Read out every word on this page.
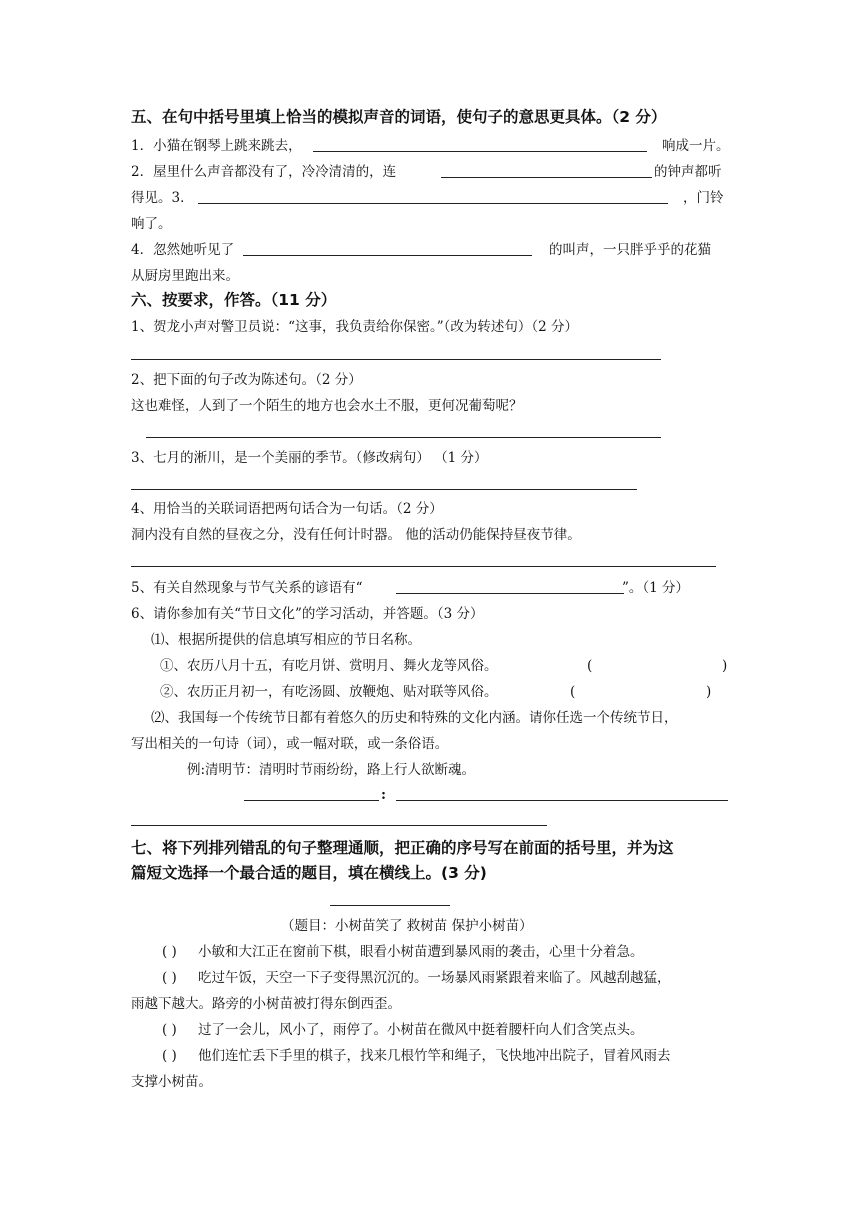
五、在句中括号里填上恰当的模拟声音的词语，使句子的意思更具体。（2 分）
1．小猫在钢琴上跳来跳去，	响成一片。
2．屋里什么声音都没有了，冷冷清清的，连	的钟声都听
得见。3．	，门铃
响了。
4．忽然她听见了	的叫声，一只胖乎乎的花猫
从厨房里跑出来。
六、按要求，作答。（11 分）
1、贺龙小声对警卫员说：“这事，我负责给你保密。”（改为转述句）（2 分）
2、把下面的句子改为陈述句。（2 分）
这也难怪，人到了一个陌生的地方也会水土不服，更何况葡萄呢？
3、七月的淅川，是一个美丽的季节。（修改病句） （1 分）
4、用恰当的关联词语把两句话合为一句话。（2 分）
洞内没有自然的昼夜之分，没有任何计时器。 他的活动仍能保持昼夜节律。
5、有关自然现象与节气关系的谚语有“	”。（1 分）
6、请你参加有关“节日文化”的学习活动，并答题。（3 分）
⑴、根据所提供的信息填写相应的节日名称。
①、农历八月十五，有吃月饼、赏明月、舞火龙等风俗。	(	)
②、农历正月初一，有吃汤圆、放鞭炮、贴对联等风俗。	(	)
⑵、我国每一个传统节日都有着悠久的历史和特殊的文化内涵。请你任选一个传统节日，
写出相关的一句诗（词），或一幅对联，或一条俗语。
例:清明节：清明时节雨纷纷，路上行人欲断魂。
:
七、将下列排列错乱的句子整理通顺，把正确的序号写在前面的括号里，并为这
篇短文选择一个最合适的题目，填在横线上。(3 分)
（题目：小树苗笑了 救树苗 保护小树苗）
( ) 小敏和大江正在窗前下棋，眼看小树苗遭到暴风雨的袭击，心里十分着急。
( ) 吃过午饭，天空一下子变得黑沉沉的。一场暴风雨紧跟着来临了。风越刮越猛，
雨越下越大。路旁的小树苗被打得东倒西歪。
( ) 过了一会儿，风小了，雨停了。小树苗在微风中挺着腰杆向人们含笑点头。
( ) 他们连忙丢下手里的棋子，找来几根竹竿和绳子，飞快地冲出院子，冒着风雨去
支撑小树苗。
